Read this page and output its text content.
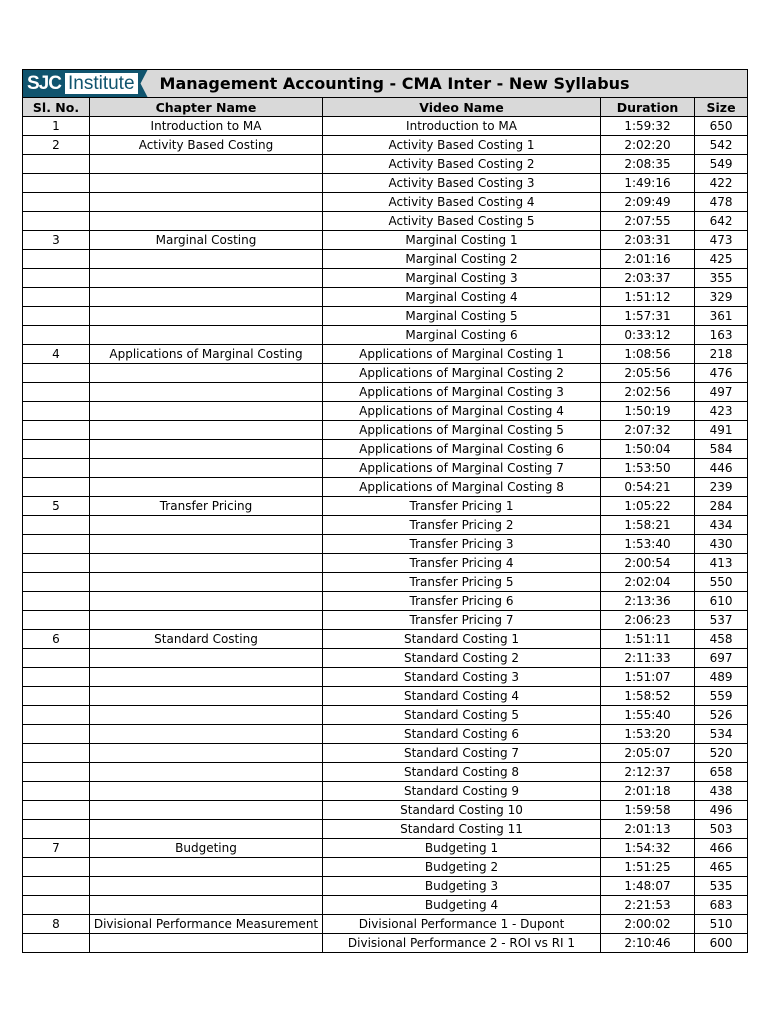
SJC Institute Management Accounting - CMA Inter - New Syllabus				

Sl. No.	Chapter Name	Video Name	Duration	Size
1	Introduction to MA	Introduction to MA	1:59:32	650
2	Activity Based Costing	Activity Based Costing 1	2:02:20	542
		Activity Based Costing 2	2:08:35	549
		Activity Based Costing 3	1:49:16	422
		Activity Based Costing 4	2:09:49	478
		Activity Based Costing 5	2:07:55	642
3	Marginal Costing	Marginal Costing 1	2:03:31	473
		Marginal Costing 2	2:01:16	425
		Marginal Costing 3	2:03:37	355
		Marginal Costing 4	1:51:12	329
		Marginal Costing 5	1:57:31	361
		Marginal Costing 6	0:33:12	163
4	Applications of Marginal Costing	Applications of Marginal Costing 1	1:08:56	218
		Applications of Marginal Costing 2	2:05:56	476
		Applications of Marginal Costing 3	2:02:56	497
		Applications of Marginal Costing 4	1:50:19	423
		Applications of Marginal Costing 5	2:07:32	491
		Applications of Marginal Costing 6	1:50:04	584
		Applications of Marginal Costing 7	1:53:50	446
		Applications of Marginal Costing 8	0:54:21	239
5	Transfer Pricing	Transfer Pricing 1	1:05:22	284
		Transfer Pricing 2	1:58:21	434
		Transfer Pricing 3	1:53:40	430
		Transfer Pricing 4	2:00:54	413
		Transfer Pricing 5	2:02:04	550
		Transfer Pricing 6	2:13:36	610
		Transfer Pricing 7	2:06:23	537
6	Standard Costing	Standard Costing 1	1:51:11	458
		Standard Costing 2	2:11:33	697
		Standard Costing 3	1:51:07	489
		Standard Costing 4	1:58:52	559
		Standard Costing 5	1:55:40	526
		Standard Costing 6	1:53:20	534
		Standard Costing 7	2:05:07	520
		Standard Costing 8	2:12:37	658
		Standard Costing 9	2:01:18	438
		Standard Costing 10	1:59:58	496
		Standard Costing 11	2:01:13	503
7	Budgeting	Budgeting 1	1:54:32	466
		Budgeting 2	1:51:25	465
		Budgeting 3	1:48:07	535
		Budgeting 4	2:21:53	683
8	Divisional Performance Measurement	Divisional Performance 1 - Dupont	2:00:02	510
		Divisional Performance 2 - ROI vs RI 1	2:10:46	600
